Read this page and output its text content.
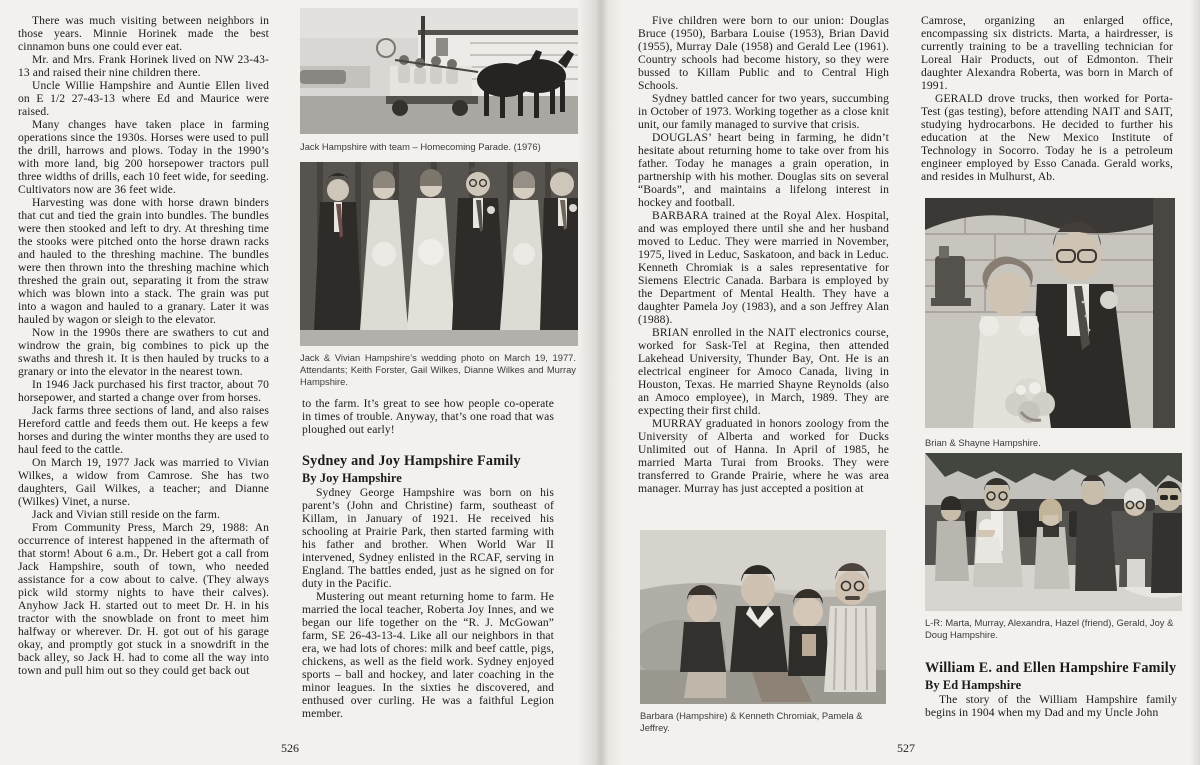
There was much visiting between neighbors in those years. Minnie Horinek made the best cinnamon buns one could ever eat.

Mr. and Mrs. Frank Horinek lived on NW 23-43-13 and raised their nine children there.

Uncle Willie Hampshire and Auntie Ellen lived on E 1/2 27-43-13 where Ed and Maurice were raised.

Many changes have taken place in farming operations since the 1930s. Horses were used to pull the drill, harrows and plows. Today in the 1990’s with more land, big 200 horsepower tractors pull three widths of drills, each 10 feet wide, for seeding. Cultivators now are 36 feet wide.

Harvesting was done with horse drawn binders that cut and tied the grain into bundles. The bundles were then stooked and left to dry. At threshing time the stooks were pitched onto the horse drawn racks and hauled to the threshing machine. The bundles were then thrown into the threshing machine which threshed the grain out, separating it from the straw which was blown into a stack. The grain was put into a wagon and hauled to a granary. Later it was hauled by wagon or sleigh to the elevator.

Now in the 1990s there are swathers to cut and windrow the grain, big combines to pick up the swaths and thresh it. It is then hauled by trucks to a granary or into the elevator in the nearest town.

In 1946 Jack purchased his first tractor, about 70 horsepower, and started a change over from horses.

Jack farms three sections of land, and also raises Hereford cattle and feeds them out. He keeps a few horses and during the winter months they are used to haul feed to the cattle.

On March 19, 1977 Jack was married to Vivian Wilkes, a widow from Camrose. She has two daughters, Gail Wilkes, a teacher; and Dianne (Wilkes) Vinet, a nurse.

Jack and Vivian still reside on the farm.

From Community Press, March 29, 1988: An occurrence of interest happened in the aftermath of that storm! About 6 a.m., Dr. Hebert got a call from Jack Hampshire, south of town, who needed assistance for a cow about to calve. (They always pick wild stormy nights to have their calves). Anyhow Jack H. started out to meet Dr. H. in his tractor with the snowblade on front to meet him halfway or wherever. Dr. H. got out of his garage okay, and promptly got stuck in a snowdrift in the back alley, so Jack H. had to come all the way into town and pull him out so they could get back out

Jack Hampshire with team – Homecoming Parade. (1976)
Jack & Vivian Hampshire’s wedding photo on March 19, 1977. Attendants; Keith Forster, Gail Wilkes, Dianne Wilkes and Murray Hampshire.

to the farm. It’s great to see how people co-operate in times of trouble. Anyway, that’s one road that was ploughed out early!

Sydney and Joy Hampshire Family

By Joy Hampshire

Sydney George Hampshire was born on his parent’s (John and Christine) farm, southeast of Killam, in January of 1921. He received his schooling at Prairie Park, then started farming with his father and brother. When World War II intervened, Sydney enlisted in the RCAF, serving in England. The battles ended, just as he signed on for duty in the Pacific.

Mustering out meant returning home to farm. He married the local teacher, Roberta Joy Innes, and we began our life together on the “R. J. McGowan” farm, SE 26-43-13-4. Like all our neighbors in that era, we had lots of chores: milk and beef cattle, pigs, chickens, as well as the field work. Sydney enjoyed sports – ball and hockey, and later coaching in the minor leagues. In the sixties he discovered, and enthused over curling. He was a faithful Legion member.

526

Five children were born to our union: Douglas Bruce (1950), Barbara Louise (1953), Brian David (1955), Murray Dale (1958) and Gerald Lee (1961). Country schools had become history, so they were bussed to Killam Public and to Central High Schools.

Sydney battled cancer for two years, succumbing in October of 1973. Working together as a close knit unit, our family managed to survive that crisis.

DOUGLAS’ heart being in farming, he didn’t hesitate about returning home to take over from his father. Today he manages a grain operation, in partnership with his mother. Douglas sits on several “Boards”, and maintains a lifelong interest in hockey and football.

BARBARA trained at the Royal Alex. Hospital, and was employed there until she and her husband moved to Leduc. They were married in November, 1975, lived in Leduc, Saskatoon, and back in Leduc. Kenneth Chromiak is a sales representative for Siemens Electric Canada. Barbara is employed by the Department of Mental Health. They have a daughter Pamela Joy (1983), and a son Jeffrey Alan (1988).

BRIAN enrolled in the NAIT electronics course, worked for Sask-Tel at Regina, then attended Lakehead University, Thunder Bay, Ont. He is an electrical engineer for Amoco Canada, living in Houston, Texas. He married Shayne Reynolds (also an Amoco employee), in March, 1989. They are expecting their first child.

MURRAY graduated in honors zoology from the University of Alberta and worked for Ducks Unlimited out of Hanna. In April of 1985, he married Marta Turai from Brooks. They were transferred to Grande Prairie, where he was area manager. Murray has just accepted a position at

Barbara (Hampshire) & Kenneth Chromiak, Pamela & Jeffrey.

Camrose, organizing an enlarged office, encompassing six districts. Marta, a hairdresser, is currently training to be a travelling technician for Loreal Hair Products, out of Edmonton. Their daughter Alexandra Roberta, was born in March of 1991.

GERALD drove trucks, then worked for Porta-Test (gas testing), before attending NAIT and SAIT, studying hydrocarbons. He decided to further his education at the New Mexico Institute of Technology in Socorro. Today he is a petroleum engineer employed by Esso Canada. Gerald works, and resides in Mulhurst, Ab.

Brian & Shayne Hampshire.
L-R: Marta, Murray, Alexandra, Hazel (friend), Gerald, Joy & Doug Hampshire.
William E. and Ellen Hampshire Family

By Ed Hampshire

The story of the William Hampshire family begins in 1904 when my Dad and my Uncle John

527
